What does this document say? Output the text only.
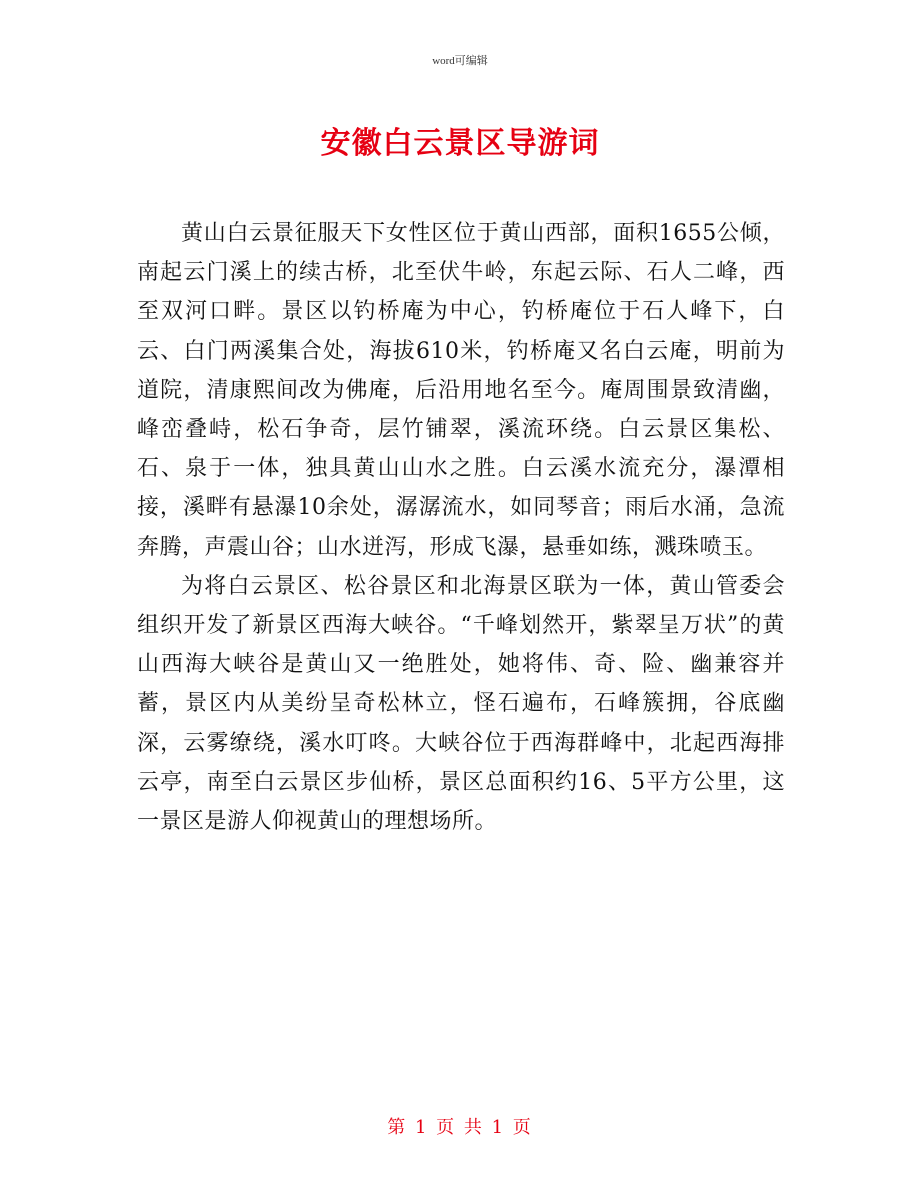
word可编辑
安徽白云景区导游词

黄山白云景征服天下女性区位于黄山西部，面积1655公倾，南起云门溪上的续古桥，北至伏牛岭，东起云际、石人二峰，西至双河口畔。景区以钓桥庵为中心，钓桥庵位于石人峰下，白云、白门两溪集合处，海拔610米，钓桥庵又名白云庵，明前为道院，清康熙间改为佛庵，后沿用地名至今。庵周围景致清幽，峰峦叠峙，松石争奇，层竹铺翠，溪流环绕。白云景区集松、石、泉于一体，独具黄山山水之胜。白云溪水流充分，瀑潭相接，溪畔有悬瀑10余处，潺潺流水，如同琴音；雨后水涌，急流奔腾，声震山谷；山水迸泻，形成飞瀑，悬垂如练，溅珠喷玉。

为将白云景区、松谷景区和北海景区联为一体，黄山管委会组织开发了新景区西海大峡谷。“千峰划然开，紫翠呈万状”的黄山西海大峡谷是黄山又一绝胜处，她将伟、奇、险、幽兼容并蓄，景区内从美纷呈奇松林立，怪石遍布，石峰簇拥，谷底幽深，云雾缭绕，溪水叮咚。大峡谷位于西海群峰中，北起西海排云亭，南至白云景区步仙桥，景区总面积约16、5平方公里，这一景区是游人仰视黄山的理想场所。

第 1 页 共 1 页
